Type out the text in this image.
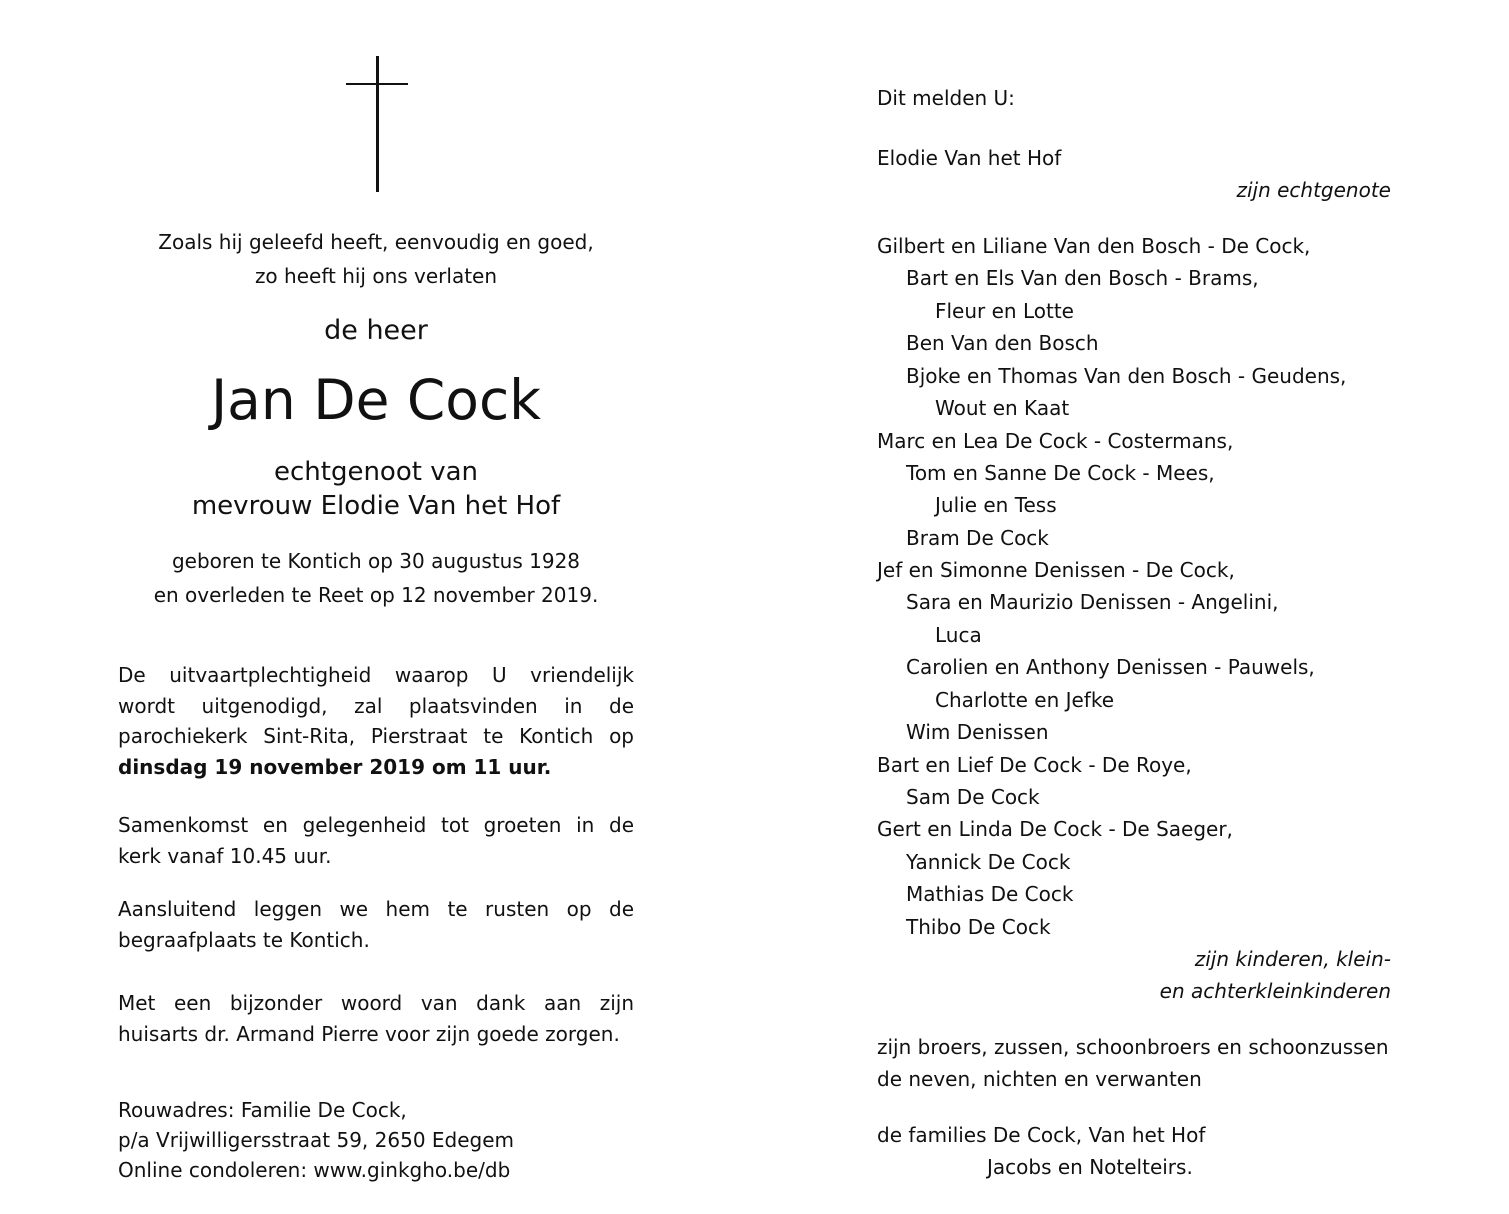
Zoals hij geleefd heeft, eenvoudig en goed,
zo heeft hij ons verlaten
de heer
Jan De Cock
echtgenoot van
mevrouw Elodie Van het Hof
geboren te Kontich op 30 augustus 1928
en overleden te Reet op 12 november 2019.
De uitvaartplechtigheid waarop U vriendelijk
wordt uitgenodigd, zal plaatsvinden in de
parochiekerk Sint-Rita, Pierstraat te Kontich op
dinsdag 19 november 2019 om 11 uur.
Samenkomst en gelegenheid tot groeten in de
kerk vanaf 10.45 uur.
Aansluitend leggen we hem te rusten op de
begraafplaats te Kontich.
Met een bijzonder woord van dank aan zijn
huisarts dr. Armand Pierre voor zijn goede zorgen.
Rouwadres: Familie De Cock,
p/a Vrijwilligersstraat 59, 2650 Edegem
Online condoleren: www.ginkgho.be/db
Dit melden U:
Elodie Van het Hof
zijn echtgenote
Gilbert en Liliane Van den Bosch - De Cock,
Bart en Els Van den Bosch - Brams,
Fleur en Lotte
Ben Van den Bosch
Bjoke en Thomas Van den Bosch - Geudens,
Wout en Kaat
Marc en Lea De Cock - Costermans,
Tom en Sanne De Cock - Mees,
Julie en Tess
Bram De Cock
Jef en Simonne Denissen - De Cock,
Sara en Maurizio Denissen - Angelini,
Luca
Carolien en Anthony Denissen - Pauwels,
Charlotte en Jefke
Wim Denissen
Bart en Lief De Cock - De Roye,
Sam De Cock
Gert en Linda De Cock - De Saeger,
Yannick De Cock
Mathias De Cock
Thibo De Cock
zijn kinderen, klein-
en achterkleinkinderen
zijn broers, zussen, schoonbroers en schoonzussen
de neven, nichten en verwanten
de families De Cock, Van het Hof
Jacobs en Notelteirs.
